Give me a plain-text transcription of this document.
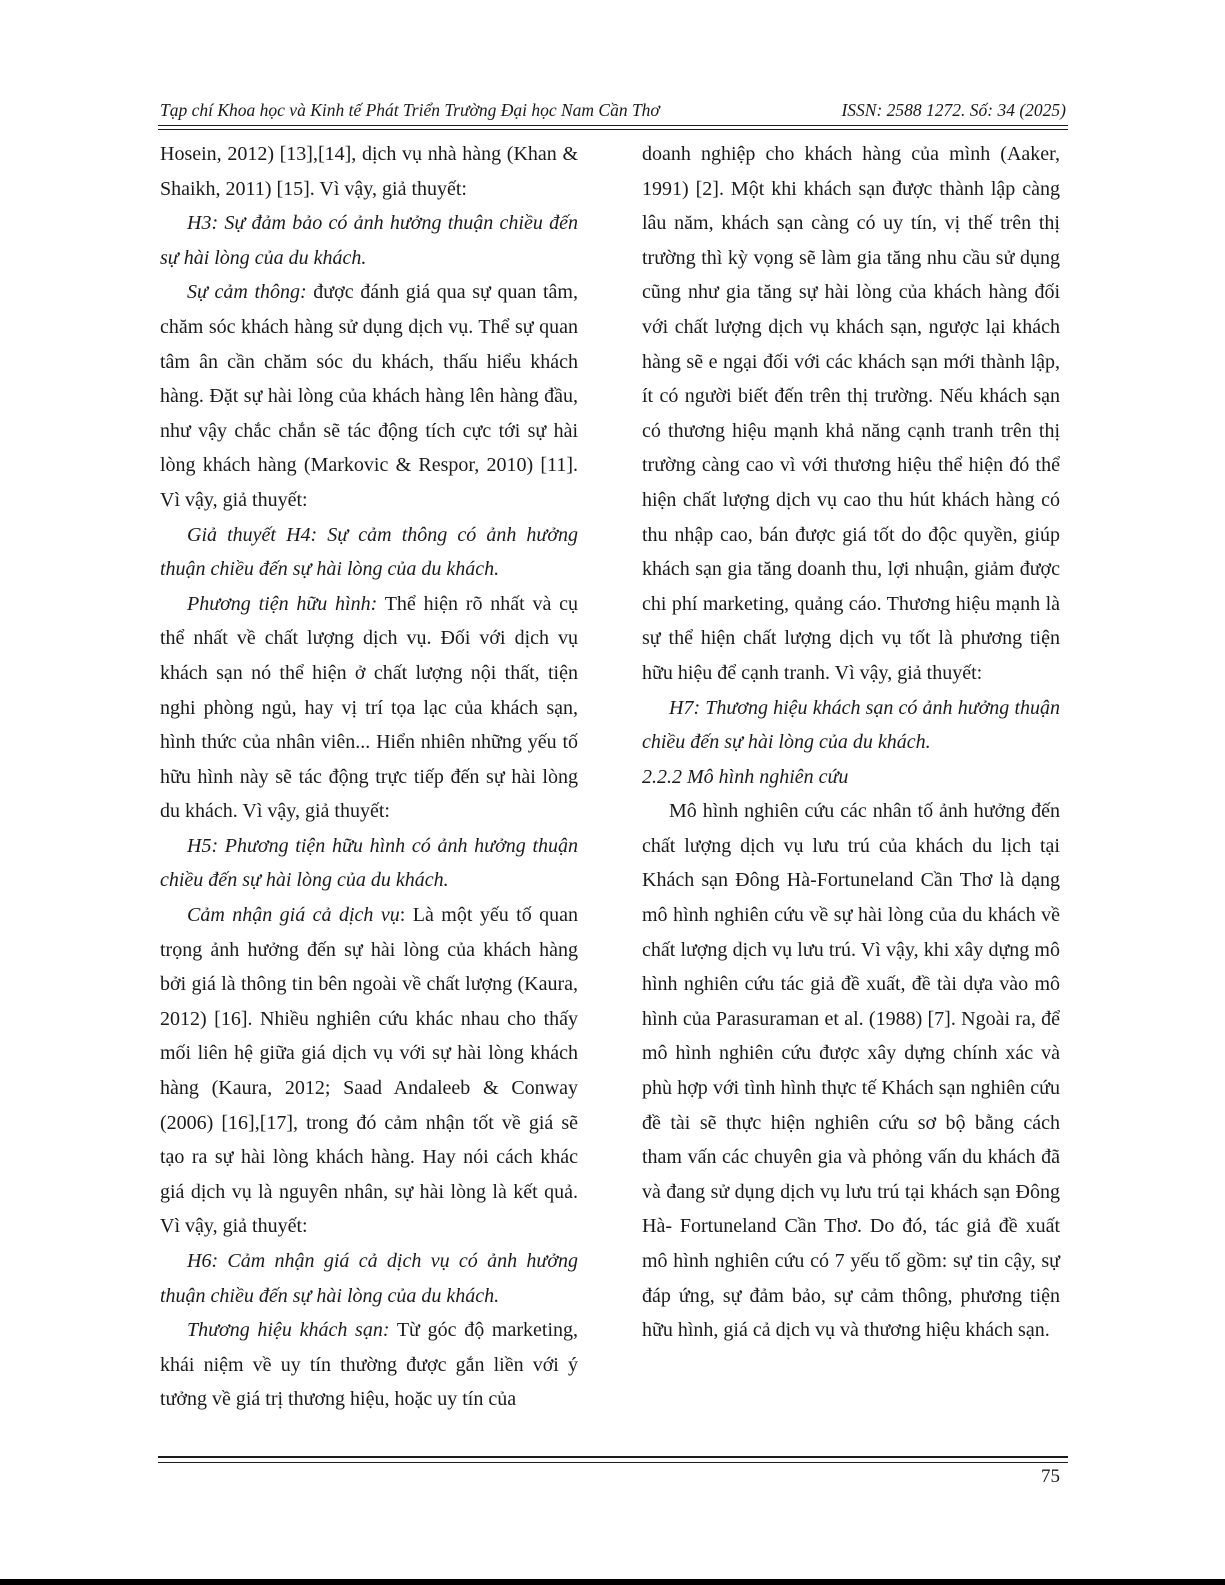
Tạp chí Khoa học và Kinh tế Phát Triển Trường Đại học Nam Cần Thơ	ISSN: 2588 1272. Số: 34 (2025)

Hosein, 2012) [13],[14], dịch vụ nhà hàng (Khan & Shaikh, 2011) [15]. Vì vậy, giả thuyết:

H3: Sự đảm bảo có ảnh hưởng thuận chiều đến sự hài lòng của du khách.

Sự cảm thông: được đánh giá qua sự quan tâm, chăm sóc khách hàng sử dụng dịch vụ. Thể sự quan tâm ân cần chăm sóc du khách, thấu hiểu khách hàng. Đặt sự hài lòng của khách hàng lên hàng đầu, như vậy chắc chắn sẽ tác động tích cực tới sự hài lòng khách hàng (Markovic & Respor, 2010) [11]. Vì vậy, giả thuyết:

Giả thuyết H4: Sự cảm thông có ảnh hưởng thuận chiều đến sự hài lòng của du khách.

Phương tiện hữu hình: Thể hiện rõ nhất và cụ thể nhất về chất lượng dịch vụ. Đối với dịch vụ khách sạn nó thể hiện ở chất lượng nội thất, tiện nghi phòng ngủ, hay vị trí tọa lạc của khách sạn, hình thức của nhân viên... Hiển nhiên những yếu tố hữu hình này sẽ tác động trực tiếp đến sự hài lòng du khách. Vì vậy, giả thuyết:

H5: Phương tiện hữu hình có ảnh hưởng thuận chiều đến sự hài lòng của du khách.

Cảm nhận giá cả dịch vụ: Là một yếu tố quan trọng ảnh hưởng đến sự hài lòng của khách hàng bởi giá là thông tin bên ngoài về chất lượng (Kaura, 2012) [16]. Nhiều nghiên cứu khác nhau cho thấy mối liên hệ giữa giá dịch vụ với sự hài lòng khách hàng (Kaura, 2012; Saad Andaleeb & Conway (2006) [16],[17], trong đó cảm nhận tốt về giá sẽ tạo ra sự hài lòng khách hàng. Hay nói cách khác giá dịch vụ là nguyên nhân, sự hài lòng là kết quả. Vì vậy, giả thuyết:

H6: Cảm nhận giá cả dịch vụ có ảnh hưởng thuận chiều đến sự hài lòng của du khách.

Thương hiệu khách sạn: Từ góc độ marketing, khái niệm về uy tín thường được gắn liền với ý tưởng về giá trị thương hiệu, hoặc uy tín của

doanh nghiệp cho khách hàng của mình (Aaker, 1991) [2]. Một khi khách sạn được thành lập càng lâu năm, khách sạn càng có uy tín, vị thế trên thị trường thì kỳ vọng sẽ làm gia tăng nhu cầu sử dụng cũng như gia tăng sự hài lòng của khách hàng đối với chất lượng dịch vụ khách sạn, ngược lại khách hàng sẽ e ngại đối với các khách sạn mới thành lập, ít có người biết đến trên thị trường. Nếu khách sạn có thương hiệu mạnh khả năng cạnh tranh trên thị trường càng cao vì với thương hiệu thể hiện đó thể hiện chất lượng dịch vụ cao thu hút khách hàng có thu nhập cao, bán được giá tốt do độc quyền, giúp khách sạn gia tăng doanh thu, lợi nhuận, giảm được chi phí marketing, quảng cáo. Thương hiệu mạnh là sự thể hiện chất lượng dịch vụ tốt là phương tiện hữu hiệu để cạnh tranh. Vì vậy, giả thuyết:

H7: Thương hiệu khách sạn có ảnh hưởng thuận chiều đến sự hài lòng của du khách.

2.2.2 Mô hình nghiên cứu

Mô hình nghiên cứu các nhân tố ảnh hưởng đến chất lượng dịch vụ lưu trú của khách du lịch tại Khách sạn Đông Hà-Fortuneland Cần Thơ là dạng mô hình nghiên cứu về sự hài lòng của du khách về chất lượng dịch vụ lưu trú. Vì vậy, khi xây dựng mô hình nghiên cứu tác giả đề xuất, đề tài dựa vào mô hình của Parasuraman et al. (1988) [7]. Ngoài ra, để mô hình nghiên cứu được xây dựng chính xác và phù hợp với tình hình thực tế Khách sạn nghiên cứu đề tài sẽ thực hiện nghiên cứu sơ bộ bằng cách tham vấn các chuyên gia và phỏng vấn du khách đã và đang sử dụng dịch vụ lưu trú tại khách sạn Đông Hà- Fortuneland Cần Thơ. Do đó, tác giả đề xuất mô hình nghiên cứu có 7 yếu tố gồm: sự tin cậy, sự đáp ứng, sự đảm bảo, sự cảm thông, phương tiện hữu hình, giá cả dịch vụ và thương hiệu khách sạn.

75
